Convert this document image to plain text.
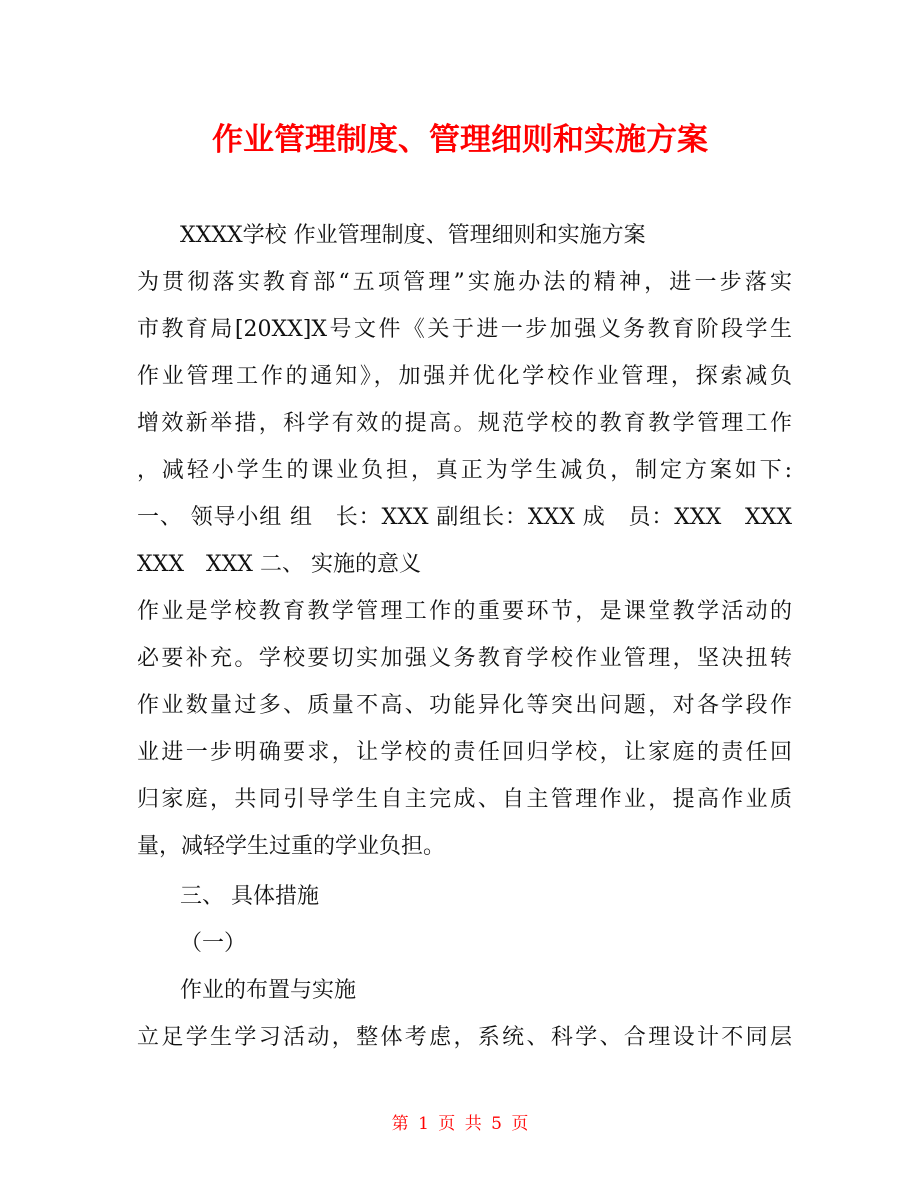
作业管理制度、管理细则和实施方案
XXXX学校 作业管理制度、管理细则和实施方案
为贯彻落实教育部“五项管理”实施办法的精神，进一步落实
市教育局[20XX]X号文件《关于进一步加强义务教育阶段学生
作业管理工作的通知》，加强并优化学校作业管理，探索减负
增效新举措，科学有效的提高。规范学校的教育教学管理工作
，减轻小学生的课业负担，真正为学生减负，制定方案如下:
一、 领导小组 组　长：XXX 副组长：XXX 成　员：XXX　XXX
XXX　XXX 二、 实施的意义
作业是学校教育教学管理工作的重要环节，是课堂教学活动的
必要补充。学校要切实加强义务教育学校作业管理，坚决扭转
作业数量过多、质量不高、功能异化等突出问题，对各学段作
业进一步明确要求，让学校的责任回归学校，让家庭的责任回
归家庭，共同引导学生自主完成、自主管理作业，提高作业质
量，减轻学生过重的学业负担。
三、 具体措施
（一）
作业的布置与实施
立足学生学习活动，整体考虑，系统、科学、合理设计不同层
第 1 页 共 5 页
